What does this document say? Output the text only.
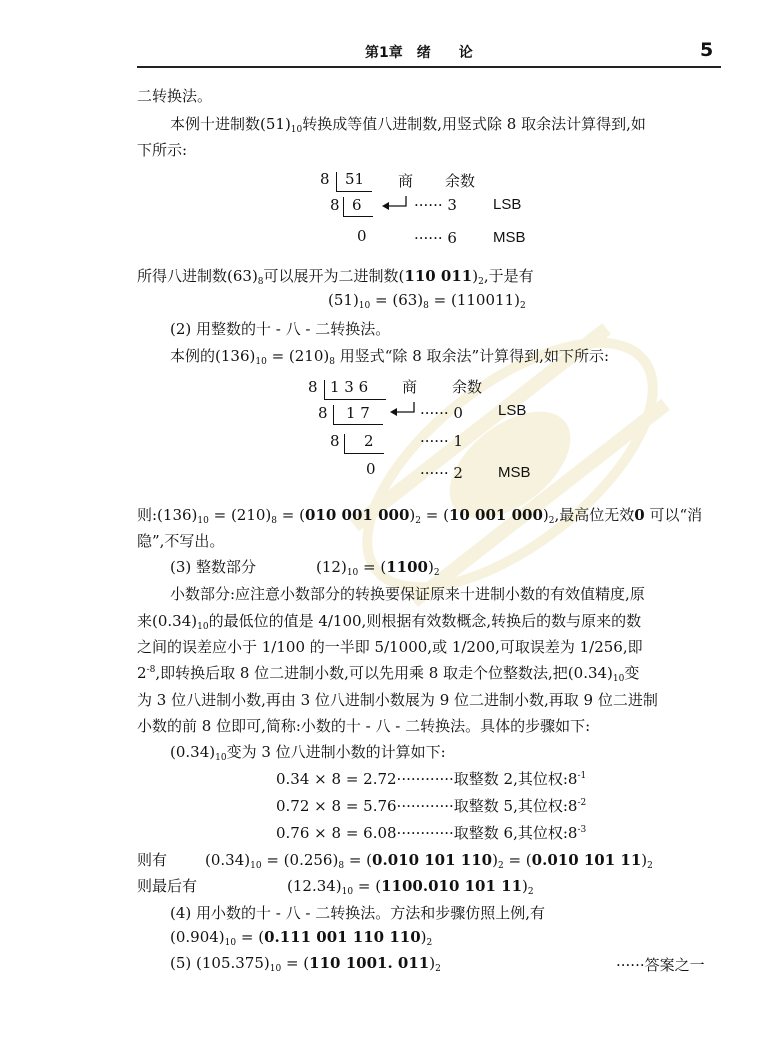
第1章　绪　　论	5
二转换法。
本例十进制数$(51)_{10}$转换成等值八进制数,用竖式除 8 取余法计算得到,如
下所示:
8 51 商 余数
8 6	······ 3 LSB
0	······ 6 MSB
所得八进制数$(63)_8$可以展开为二进制数(110 $011)_2$,于是有
$(51)_{10} = (63)_8 = (110011)_2$
(2) 用整数的十 - 八 - 二转换法。
本例的$(136)_{10} = (210)_8$ 用竖式“除 8 取余法”计算得到,如下所示:
8 1 3 6 商 余数
8 1 7	······ 0 LSB
8 2	······ 1
0	······ 2 MSB
则$:(136)_{10} = (210)_8 = (010$ 001 $000)_2 = (10$ 001 $000)_2$,最高位无效0 可以“消
隐”,不写出。
(3) 整数部分	$(12)_{10} = (1100)_2$
小数部分:应注意小数部分的转换要保证原来十进制小数的有效值精度,原
来$(0.34)_{10}$的最低位的值是 4/100,则根据有效数概念,转换后的数与原来的数
之间的误差应小于 1/100 的一半即 5/1000,或 1/200,可取误差为 1/256,即
$2^{-8}$,即转换后取 8 位二进制小数,可以先用乘 8 取走个位整数法,把$(0.34)_{10}$变
为 3 位八进制小数,再由 3 位八进制小数展为 9 位二进制小数,再取 9 位二进制
小数的前 8 位即可,简称:小数的十 - 八 - 二转换法。具体的步骤如下:
$(0.34)_{10}$变为 3 位八进制小数的计算如下:
0.34 × 8 = 2.72············取整数 2,其位权$:8^{-1}$
0.72 × 8 = 5.76············取整数 5,其位权$:8^{-2}$
0.76 × 8 = 6.08············取整数 6,其位权$:8^{-3}$
则有	$(0.34)_{10} = (0.256)_8 = (0.010$ 101 $110)_2 = (0.010$ 101 $11)_2$
则最后有	$(12.34)_{10} = (1100.010$ 101 $11)_2$
(4) 用小数的十 - 八 - 二转换法。方法和步骤仿照上例,有
$(0.904)_{10} = (0.111$ 001 110 $110)_2$
(5) $(105.375)_{10} = (110$ 1001. $011)_2$	······答案之一
